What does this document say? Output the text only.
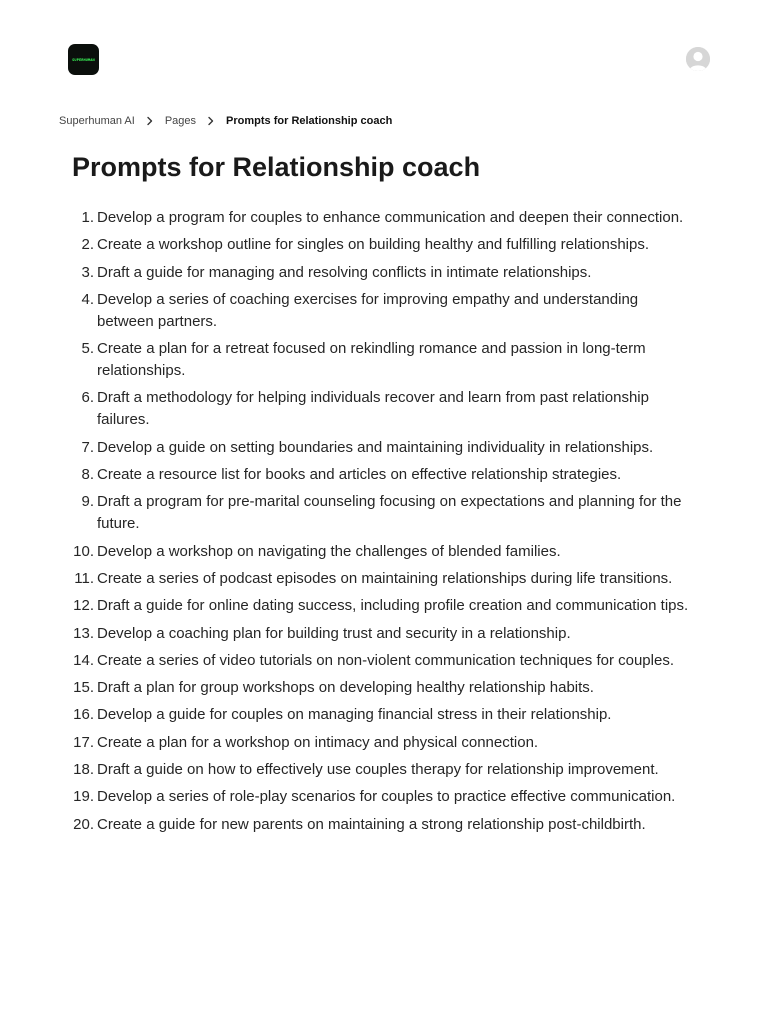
SUPERHUMAN
Superhuman AI	Pages	Prompts for Relationship coach
Prompts for Relationship coach
1. Develop a program for couples to enhance communication and deepen their connection.
2. Create a workshop outline for singles on building healthy and fulfilling relationships.
3. Draft a guide for managing and resolving conflicts in intimate relationships.
4. Develop a series of coaching exercises for improving empathy and understanding between partners.
5. Create a plan for a retreat focused on rekindling romance and passion in long-term relationships.
6. Draft a methodology for helping individuals recover and learn from past relationship failures.
7. Develop a guide on setting boundaries and maintaining individuality in relationships.
8. Create a resource list for books and articles on effective relationship strategies.
9. Draft a program for pre-marital counseling focusing on expectations and planning for the future.
10. Develop a workshop on navigating the challenges of blended families.
11. Create a series of podcast episodes on maintaining relationships during life transitions.
12. Draft a guide for online dating success, including profile creation and communication tips.
13. Develop a coaching plan for building trust and security in a relationship.
14. Create a series of video tutorials on non-violent communication techniques for couples.
15. Draft a plan for group workshops on developing healthy relationship habits.
16. Develop a guide for couples on managing financial stress in their relationship.
17. Create a plan for a workshop on intimacy and physical connection.
18. Draft a guide on how to effectively use couples therapy for relationship improvement.
19. Develop a series of role-play scenarios for couples to practice effective communication.
20. Create a guide for new parents on maintaining a strong relationship post-childbirth.
